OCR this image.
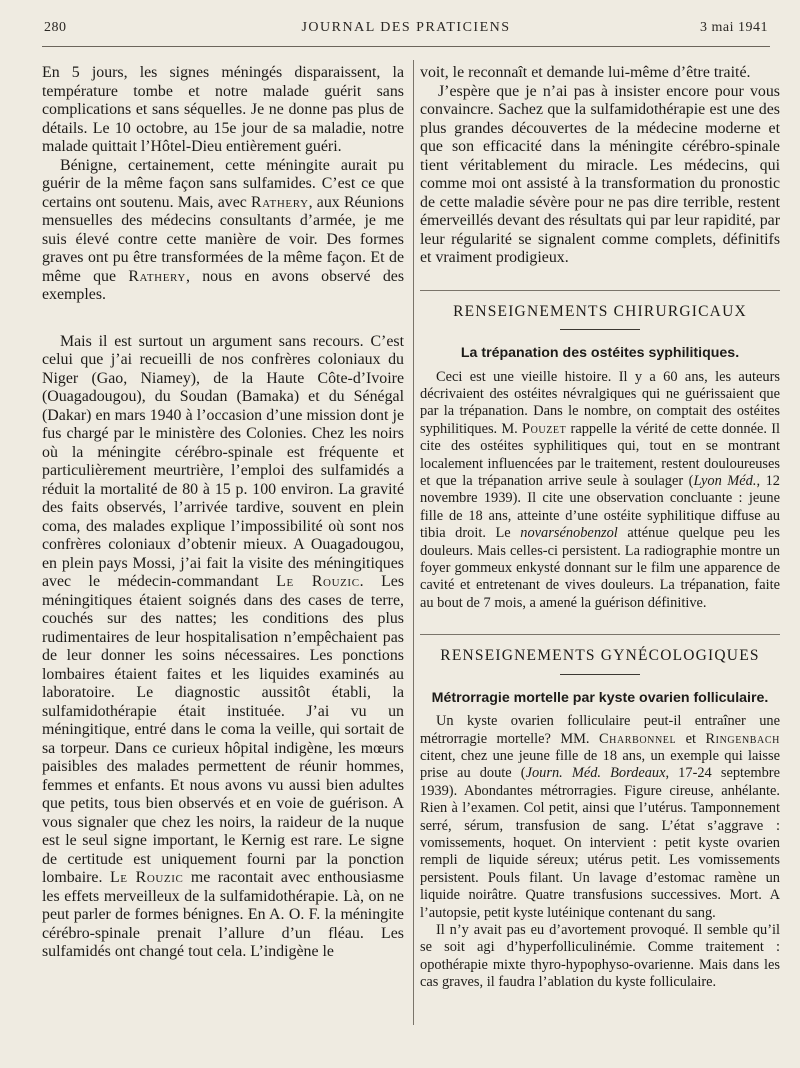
280	JOURNAL DES PRATICIENS	3 mai 1941

En 5 jours, les signes méningés disparaissent, la température tombe et notre malade guérit sans complications et sans séquelles. Je ne donne pas plus de détails. Le 10 octobre, au 15e jour de sa maladie, notre malade quittait l’Hôtel-Dieu entièrement guéri.

Bénigne, certainement, cette méningite aurait pu guérir de la même façon sans sulfamides. C’est ce que certains ont soutenu. Mais, avec Rathery, aux Réunions mensuelles des médecins consultants d’armée, je me suis élevé contre cette manière de voir. Des formes graves ont pu être transformées de la même façon. Et de même que Rathery, nous en avons observé des exemples.

Mais il est surtout un argument sans recours. C’est celui que j’ai recueilli de nos confrères coloniaux du Niger (Gao, Niamey), de la Haute Côte-d’Ivoire (Ouagadougou), du Soudan (Bamaka) et du Sénégal (Dakar) en mars 1940 à l’occasion d’une mission dont je fus chargé par le ministère des Colonies. Chez les noirs où la méningite cérébro-spinale est fréquente et particulièrement meurtrière, l’emploi des sulfamidés a réduit la mortalité de 80 à 15 p. 100 environ. La gravité des faits observés, l’arrivée tardive, souvent en plein coma, des malades explique l’impossibilité où sont nos confrères coloniaux d’obtenir mieux. A Ouagadougou, en plein pays Mossi, j’ai fait la visite des méningitiques avec le médecin-commandant Le Rouzic. Les méningitiques étaient soignés dans des cases de terre, couchés sur des nattes; les conditions des plus rudimentaires de leur hospitalisation n’empêchaient pas de leur donner les soins nécessaires. Les ponctions lombaires étaient faites et les liquides examinés au laboratoire. Le diagnostic aussitôt établi, la sulfamidothérapie était instituée. J’ai vu un méningitique, entré dans le coma la veille, qui sortait de sa torpeur. Dans ce curieux hôpital indigène, les mœurs paisibles des malades permettent de réunir hommes, femmes et enfants. Et nous avons vu aussi bien adultes que petits, tous bien observés et en voie de guérison. A vous signaler que chez les noirs, la raideur de la nuque est le seul signe important, le Kernig est rare. Le signe de certitude est uniquement fourni par la ponction lombaire. Le Rouzic me racontait avec enthousiasme les effets merveilleux de la sulfamidothérapie. Là, on ne peut parler de formes bénignes. En A. O. F. la méningite cérébro-spinale prenait l’allure d’un fléau. Les sulfamidés ont changé tout cela. L’indigène le

voit, le reconnaît et demande lui-même d’être traité.

J’espère que je n’ai pas à insister encore pour vous convaincre. Sachez que la sulfamidothérapie est une des plus grandes découvertes de la médecine moderne et que son efficacité dans la méningite cérébro-spinale tient véritablement du miracle. Les médecins, qui comme moi ont assisté à la transformation du pronostic de cette maladie sévère pour ne pas dire terrible, restent émerveillés devant des résultats qui par leur rapidité, par leur régularité se signalent comme complets, définitifs et vraiment prodigieux.

RENSEIGNEMENTS CHIRURGICAUX
La trépanation des ostéites syphilitiques.

Ceci est une vieille histoire. Il y a 60 ans, les auteurs décrivaient des ostéites névralgiques qui ne guérissaient que par la trépanation. Dans le nombre, on comptait des ostéites syphilitiques. M. Pouzet rappelle la vérité de cette donnée. Il cite des ostéites syphilitiques qui, tout en se montrant localement influencées par le traitement, restent douloureuses et que la trépanation arrive seule à soulager (Lyon Méd., 12 novembre 1939). Il cite une observation concluante : jeune fille de 18 ans, atteinte d’une ostéite syphilitique diffuse au tibia droit. Le novarsénobenzol atténue quelque peu les douleurs. Mais celles-ci persistent. La radiographie montre un foyer gommeux enkysté donnant sur le film une apparence de cavité et entretenant de vives douleurs. La trépanation, faite au bout de 7 mois, a amené la guérison définitive.

RENSEIGNEMENTS GYNÉCOLOGIQUES
Métrorragie mortelle par kyste ovarien folliculaire.

Un kyste ovarien folliculaire peut-il entraîner une métrorragie mortelle? MM. Charbonnel et Ringenbach citent, chez une jeune fille de 18 ans, un exemple qui laisse prise au doute (Journ. Méd. Bordeaux, 17-24 septembre 1939). Abondantes métrorragies. Figure cireuse, anhélante. Rien à l’examen. Col petit, ainsi que l’utérus. Tamponnement serré, sérum, transfusion de sang. L’état s’aggrave : vomissements, hoquet. On intervient : petit kyste ovarien rempli de liquide séreux; utérus petit. Les vomissements persistent. Pouls filant. Un lavage d’estomac ramène un liquide noirâtre. Quatre transfusions successives. Mort. A l’autopsie, petit kyste lutéinique contenant du sang.

Il n’y avait pas eu d’avortement provoqué. Il semble qu’il se soit agi d’hyperfolliculinémie. Comme traitement : opothérapie mixte thyro-hypophyso-ovarienne. Mais dans les cas graves, il faudra l’ablation du kyste folliculaire.
